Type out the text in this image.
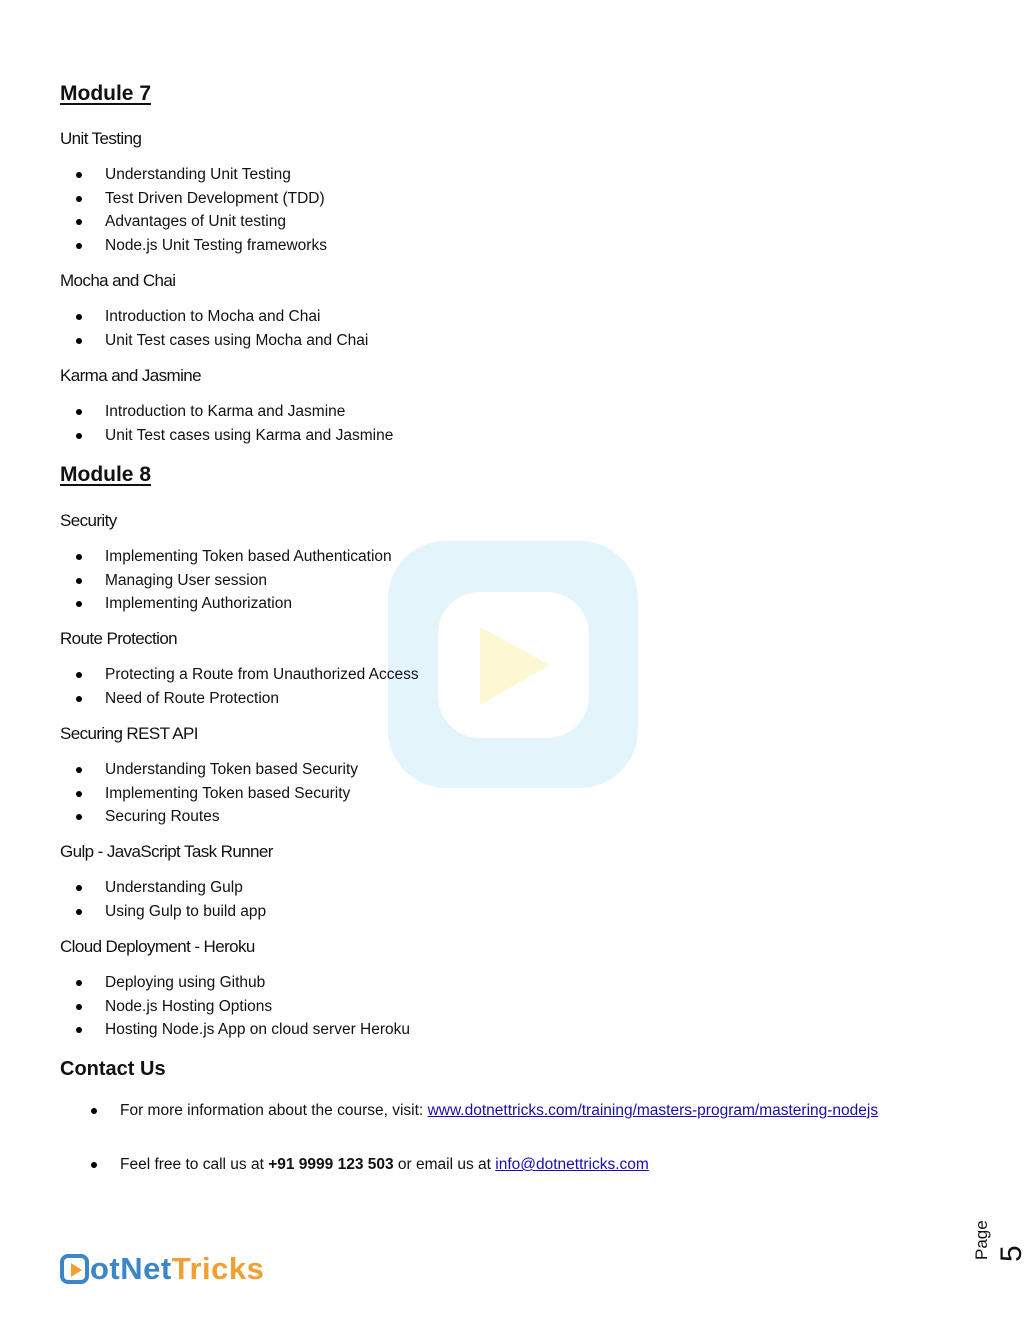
Module 7
Unit Testing
Understanding Unit Testing
Test Driven Development (TDD)
Advantages of Unit testing
Node.js Unit Testing frameworks
Mocha and Chai
Introduction to Mocha and Chai
Unit Test cases using Mocha and Chai
Karma and Jasmine
Introduction to Karma and Jasmine
Unit Test cases using Karma and Jasmine
Module 8
Security
Implementing Token based Authentication
Managing User session
Implementing Authorization
Route Protection
Protecting a Route from Unauthorized Access
Need of Route Protection
Securing REST API
Understanding Token based Security
Implementing Token based Security
Securing Routes
Gulp - JavaScript Task Runner
Understanding Gulp
Using Gulp to build app
Cloud Deployment - Heroku
Deploying using Github
Node.js Hosting Options
Hosting Node.js App on cloud server Heroku
Contact Us
For more information about the course, visit: www.dotnettricks.com/training/masters-program/mastering-nodejs
Feel free to call us at +91 9999 123 503 or email us at info@dotnettricks.com
otNet Tricks
Page 5
